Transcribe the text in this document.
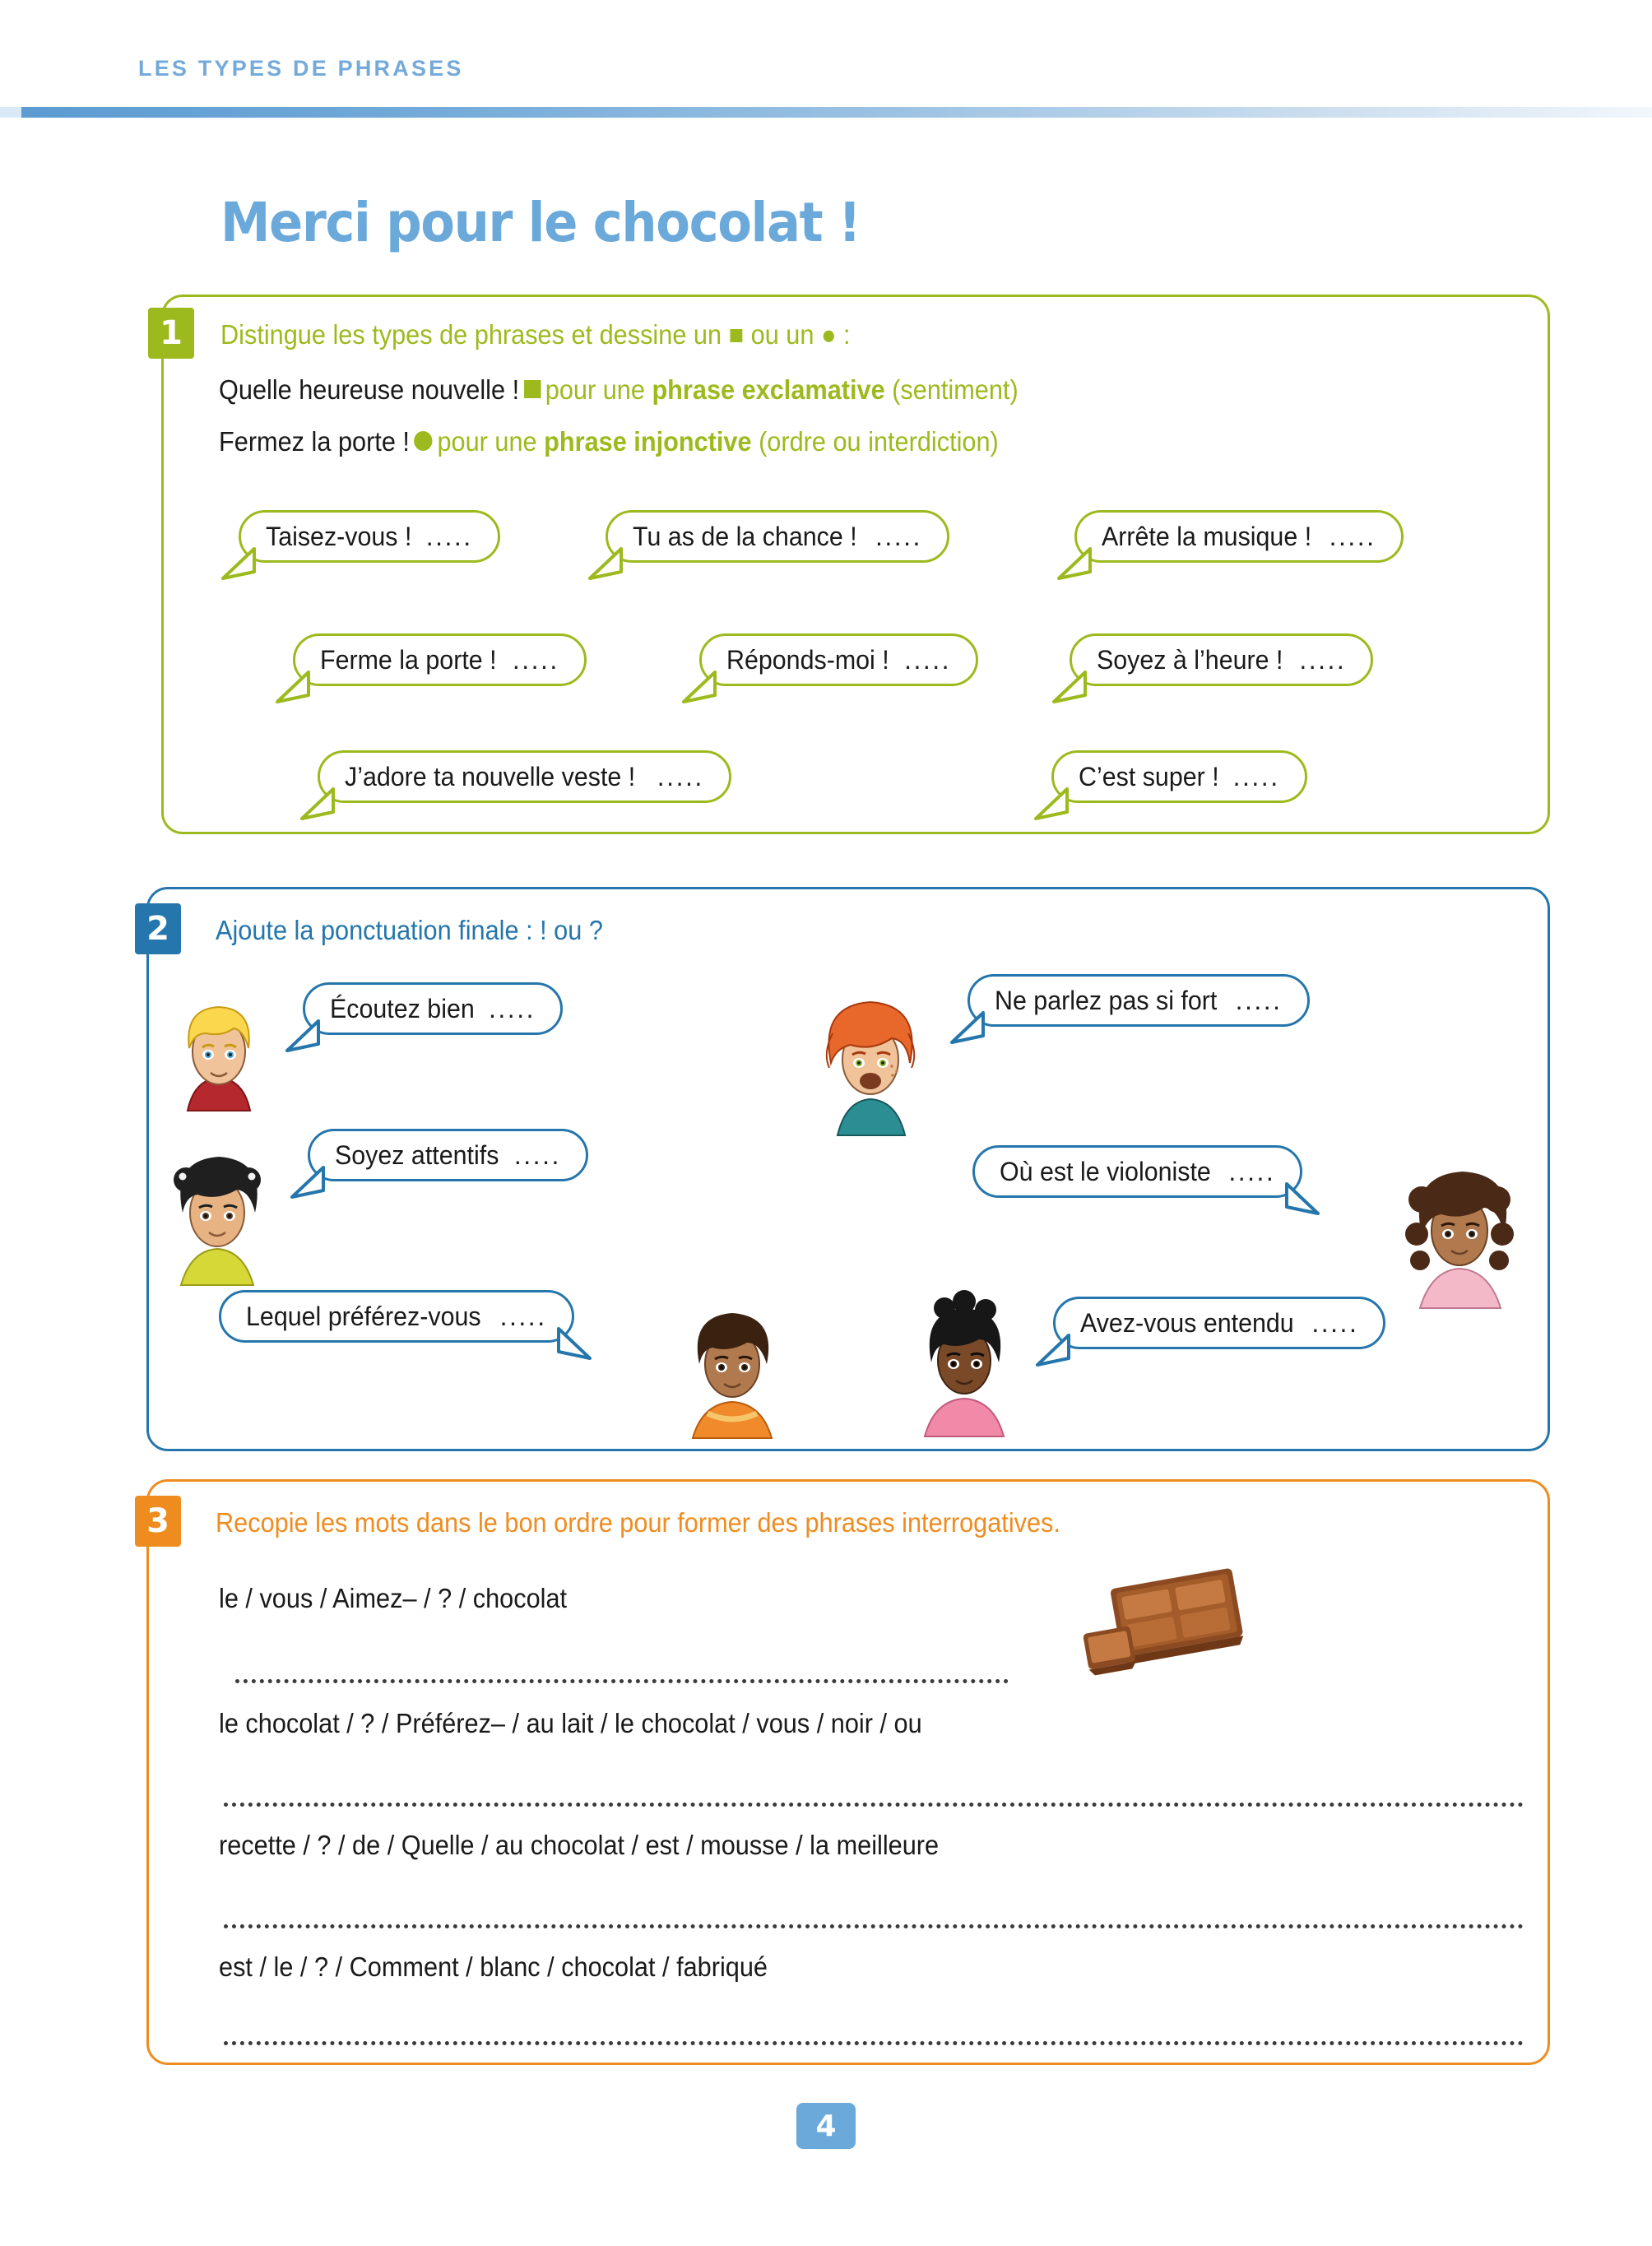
LES TYPES DE PHRASES
Merci pour le chocolat !
1	Distingue les types de phrases et dessine un ■ ou un ● :
Quelle heureuse nouvelle ! pour une phrase exclamative (sentiment)
Fermez la porte ! pour une phrase injonctive (ordre ou interdiction)
Taisez-vous ! .....	Tu as de la chance ! .....	Arrête la musique ! .....
Ferme la porte ! .....	Réponds-moi ! .....	Soyez à l’heure ! .....
J’adore ta nouvelle veste ! .....	C’est super ! .....
2	Ajoute la ponctuation finale : ! ou ?
Écoutez bien .....	Ne parlez pas si fort .....
Soyez attentifs .....
Où est le violoniste .....
Lequel préférez-vous .....	Avez-vous entendu .....
3	Recopie les mots dans le bon ordre pour former des phrases interrogatives.
le / vous / Aimez– / ? / chocolat
le chocolat / ? / Préférez– / au lait / le chocolat / vous / noir / ou
recette / ? / de / Quelle / au chocolat / est / mousse / la meilleure
est / le / ? / Comment / blanc / chocolat / fabriqué
4
